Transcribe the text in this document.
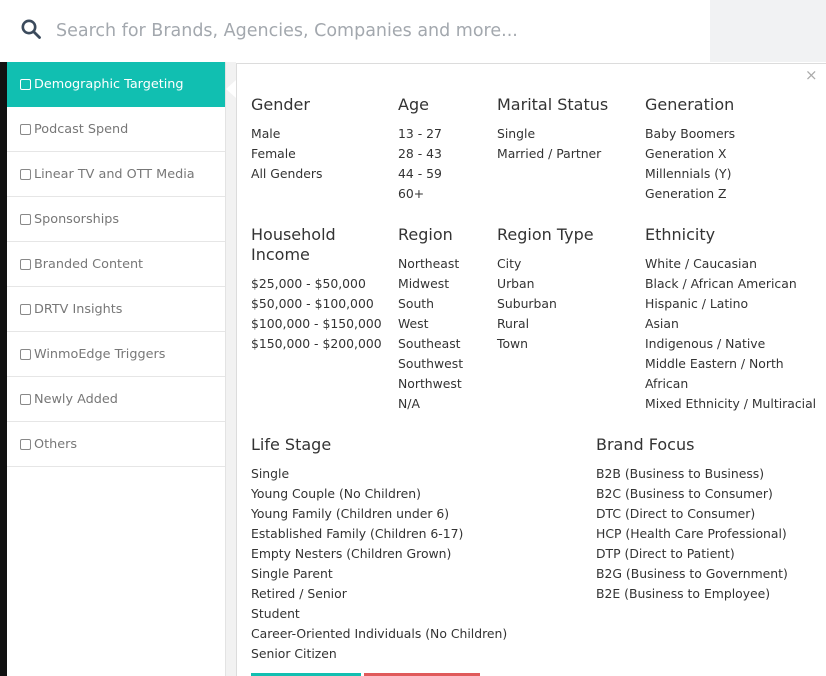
Search for Brands, Agencies, Companies and more...
Demographic Targeting
Podcast Spend
Linear TV and OTT Media
Sponsorships
Branded Content
DRTV Insights
WinmoEdge Triggers
Newly Added
Others
×
Gender
Male
Female
All Genders
Age
13 - 27
28 - 43
44 - 59
60+
Marital Status
Single
Married / Partner
Generation
Baby Boomers
Generation X
Millennials (Y)
Generation Z
Household
Income
$25,000 - $50,000
$50,000 - $100,000
$100,000 - $150,000
$150,000 - $200,000
Region
Northeast
Midwest
South
West
Southeast
Southwest
Northwest
N/A
Region Type
City
Urban
Suburban
Rural
Town
Ethnicity
White / Caucasian
Black / African American
Hispanic / Latino
Asian
Indigenous / Native
Middle Eastern / North
African
Mixed Ethnicity / Multiracial
Life Stage
Single
Young Couple (No Children)
Young Family (Children under 6)
Established Family (Children 6-17)
Empty Nesters (Children Grown)
Single Parent
Retired / Senior
Student
Career-Oriented Individuals (No Children)
Senior Citizen
Brand Focus
B2B (Business to Business)
B2C (Business to Consumer)
DTC (Direct to Consumer)
HCP (Health Care Professional)
DTP (Direct to Patient)
B2G (Business to Government)
B2E (Business to Employee)
